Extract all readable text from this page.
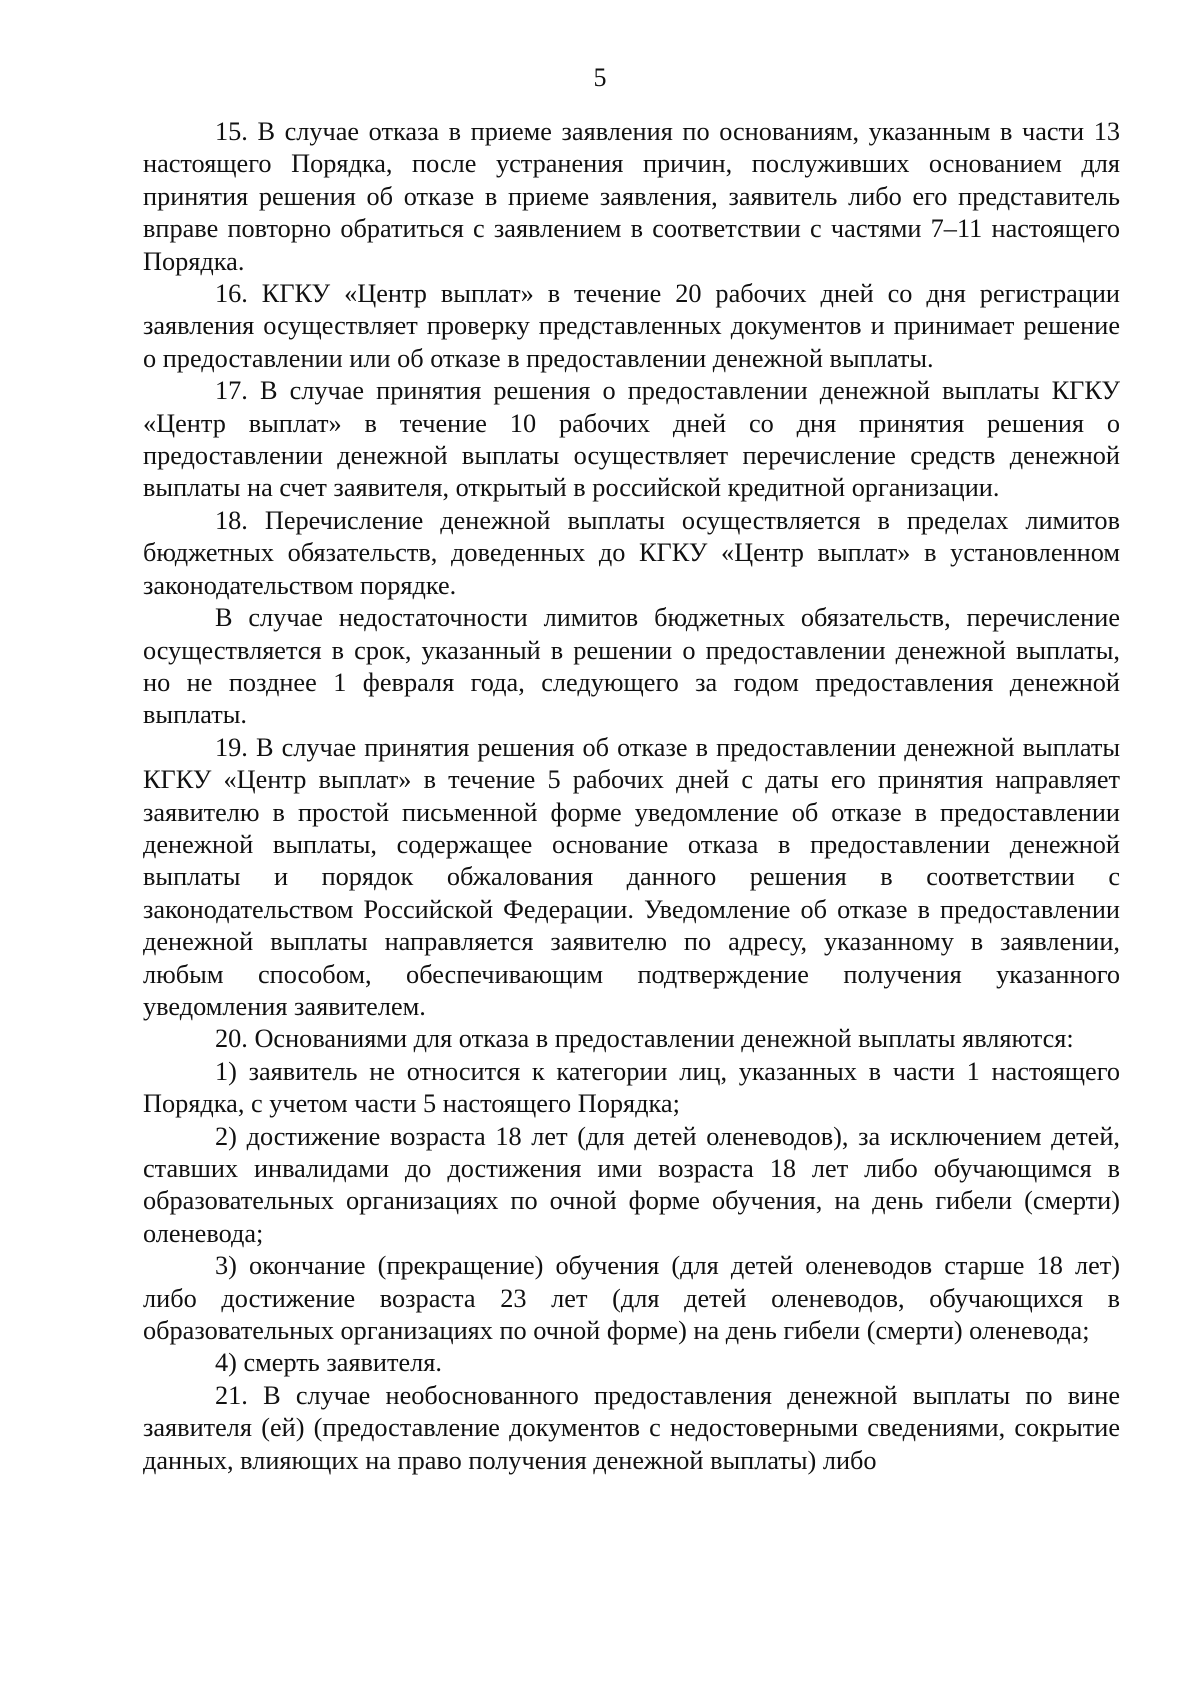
5

15. В случае отказа в приеме заявления по основаниям, указанным в части 13 настоящего Порядка, после устранения причин, послуживших основанием для принятия решения об отказе в приеме заявления, заявитель либо его представитель вправе повторно обратиться с заявлением в соответствии с частями 7–11 настоящего Порядка.

16. КГКУ «Центр выплат» в течение 20 рабочих дней со дня регистрации заявления осуществляет проверку представленных документов и принимает решение о предоставлении или об отказе в предоставлении денежной выплаты.

17. В случае принятия решения о предоставлении денежной выплаты КГКУ «Центр выплат» в течение 10 рабочих дней со дня принятия решения о предоставлении денежной выплаты осуществляет перечисление средств денежной выплаты на счет заявителя, открытый в российской кредитной организации.

18. Перечисление денежной выплаты осуществляется в пределах лимитов бюджетных обязательств, доведенных до КГКУ «Центр выплат» в установленном законодательством порядке.

В случае недостаточности лимитов бюджетных обязательств, перечисление осуществляется в срок, указанный в решении о предоставлении денежной выплаты, но не позднее 1 февраля года, следующего за годом предоставления денежной выплаты.

19. В случае принятия решения об отказе в предоставлении денежной выплаты КГКУ «Центр выплат» в течение 5 рабочих дней с даты его принятия направляет заявителю в простой письменной форме уведомление об отказе в предоставлении денежной выплаты, содержащее основание отказа в предоставлении денежной выплаты и порядок обжалования данного решения в соответствии с законодательством Российской Федерации. Уведомление об отказе в предоставлении денежной выплаты направляется заявителю по адресу, указанному в заявлении, любым способом, обеспечивающим подтверждение получения указанного уведомления заявителем.

20. Основаниями для отказа в предоставлении денежной выплаты являются:

1) заявитель не относится к категории лиц, указанных в части 1 настоящего Порядка, с учетом части 5 настоящего Порядка;

2) достижение возраста 18 лет (для детей оленеводов), за исключением детей, ставших инвалидами до достижения ими возраста 18 лет либо обучающимся в образовательных организациях по очной форме обучения, на день гибели (смерти) оленевода;

3) окончание (прекращение) обучения (для детей оленеводов старше 18 лет) либо достижение возраста 23 лет (для детей оленеводов, обучающихся в образовательных организациях по очной форме) на день гибели (смерти) оленевода;

4) смерть заявителя.

21. В случае необоснованного предоставления денежной выплаты по вине заявителя (ей) (предоставление документов с недостоверными сведениями, сокрытие данных, влияющих на право получения денежной выплаты) либо
